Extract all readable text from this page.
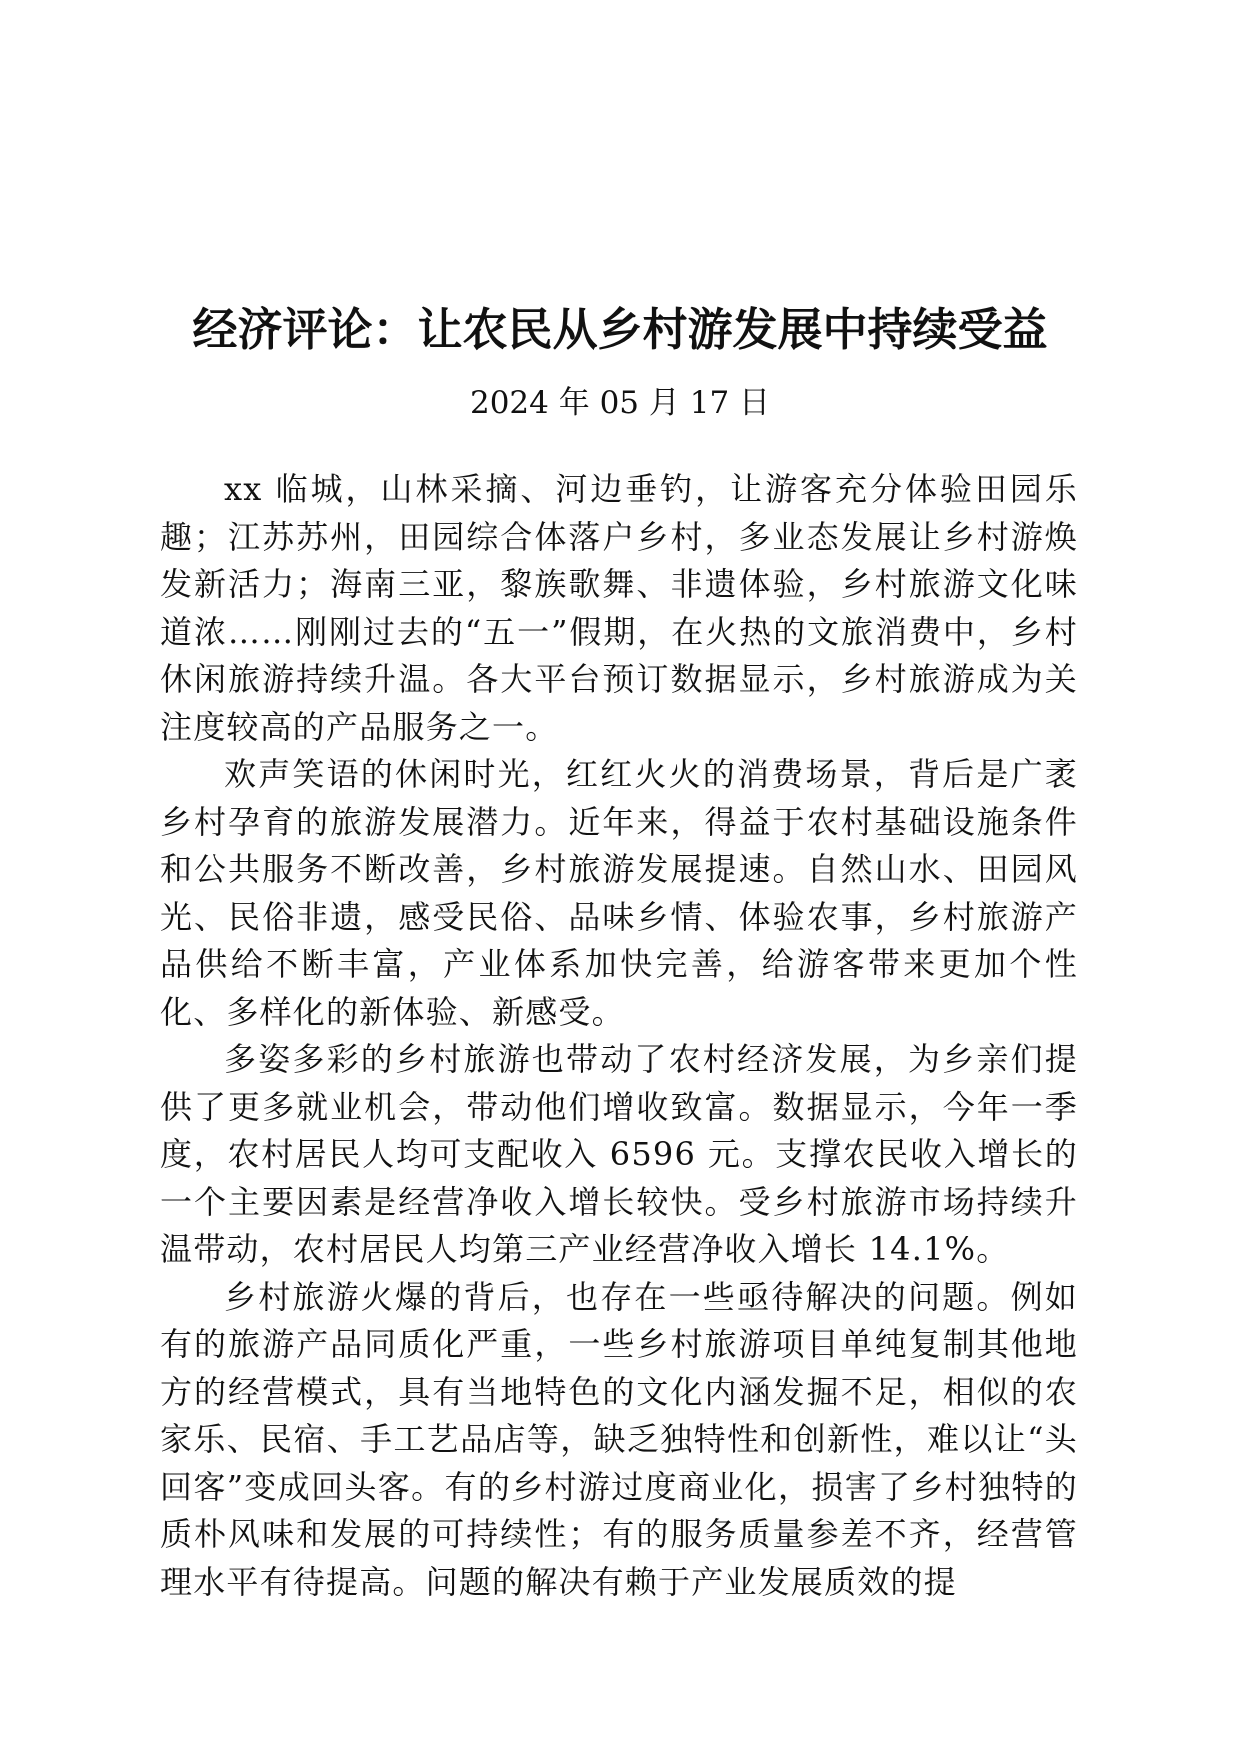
经济评论：让农民从乡村游发展中持续受益
2024 年 05 月 17 日

xx 临城，山林采摘、河边垂钓，让游客充分体验田园乐趣；江苏苏州，田园综合体落户乡村，多业态发展让乡村游焕发新活力；海南三亚，黎族歌舞、非遗体验，乡村旅游文化味道浓……刚刚过去的“五一”假期，在火热的文旅消费中，乡村休闲旅游持续升温。各大平台预订数据显示，乡村旅游成为关注度较高的产品服务之一。

欢声笑语的休闲时光，红红火火的消费场景，背后是广袤乡村孕育的旅游发展潜力。近年来，得益于农村基础设施条件和公共服务不断改善，乡村旅游发展提速。自然山水、田园风光、民俗非遗，感受民俗、品味乡情、体验农事，乡村旅游产品供给不断丰富，产业体系加快完善，给游客带来更加个性化、多样化的新体验、新感受。

多姿多彩的乡村旅游也带动了农村经济发展，为乡亲们提供了更多就业机会，带动他们增收致富。数据显示，今年一季度，农村居民人均可支配收入 6596 元。支撑农民收入增长的一个主要因素是经营净收入增长较快。受乡村旅游市场持续升温带动，农村居民人均第三产业经营净收入增长 14.1%。

乡村旅游火爆的背后，也存在一些亟待解决的问题。例如有的旅游产品同质化严重，一些乡村旅游项目单纯复制其他地方的经营模式，具有当地特色的文化内涵发掘不足，相似的农家乐、民宿、手工艺品店等，缺乏独特性和创新性，难以让“头回客”变成回头客。有的乡村游过度商业化，损害了乡村独特的质朴风味和发展的可持续性；有的服务质量参差不齐，经营管理水平有待提高。问题的解决有赖于产业发展质效的提
